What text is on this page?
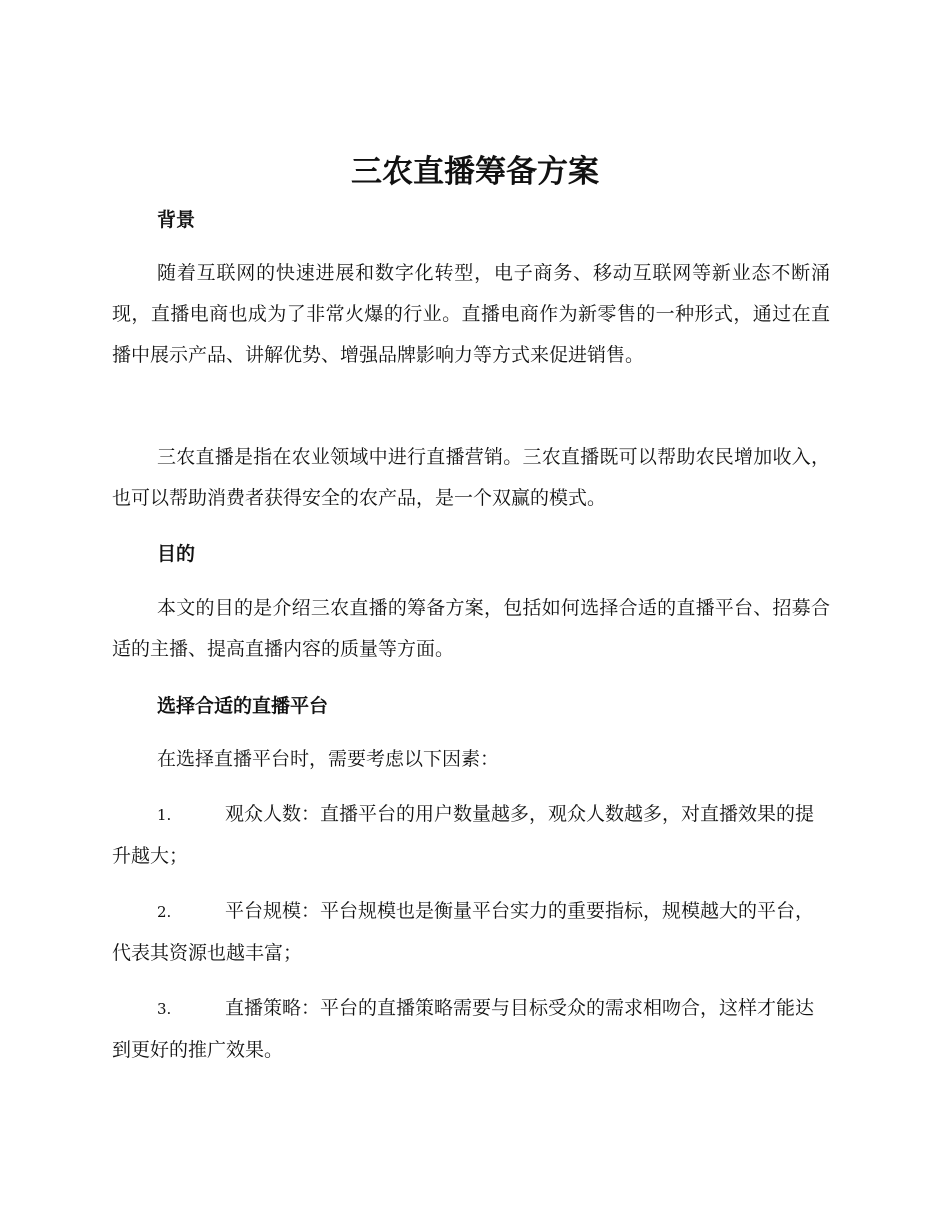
三农直播筹备方案
背景

随着互联网的快速进展和数字化转型，电子商务、移动互联网等新业态不断涌现，直播电商也成为了非常火爆的行业。直播电商作为新零售的一种形式，通过在直播中展示产品、讲解优势、增强品牌影响力等方式来促进销售。

三农直播是指在农业领域中进行直播营销。三农直播既可以帮助农民增加收入，也可以帮助消费者获得安全的农产品，是一个双赢的模式。

目的

本文的目的是介绍三农直播的筹备方案，包括如何选择合适的直播平台、招募合适的主播、提高直播内容的质量等方面。

选择合适的直播平台

在选择直播平台时，需要考虑以下因素：

1.	观众人数：直播平台的用户数量越多，观众人数越多，对直播效果的提升越大；

2.	平台规模：平台规模也是衡量平台实力的重要指标，规模越大的平台，代表其资源也越丰富；

3.	直播策略：平台的直播策略需要与目标受众的需求相吻合，这样才能达到更好的推广效果。
